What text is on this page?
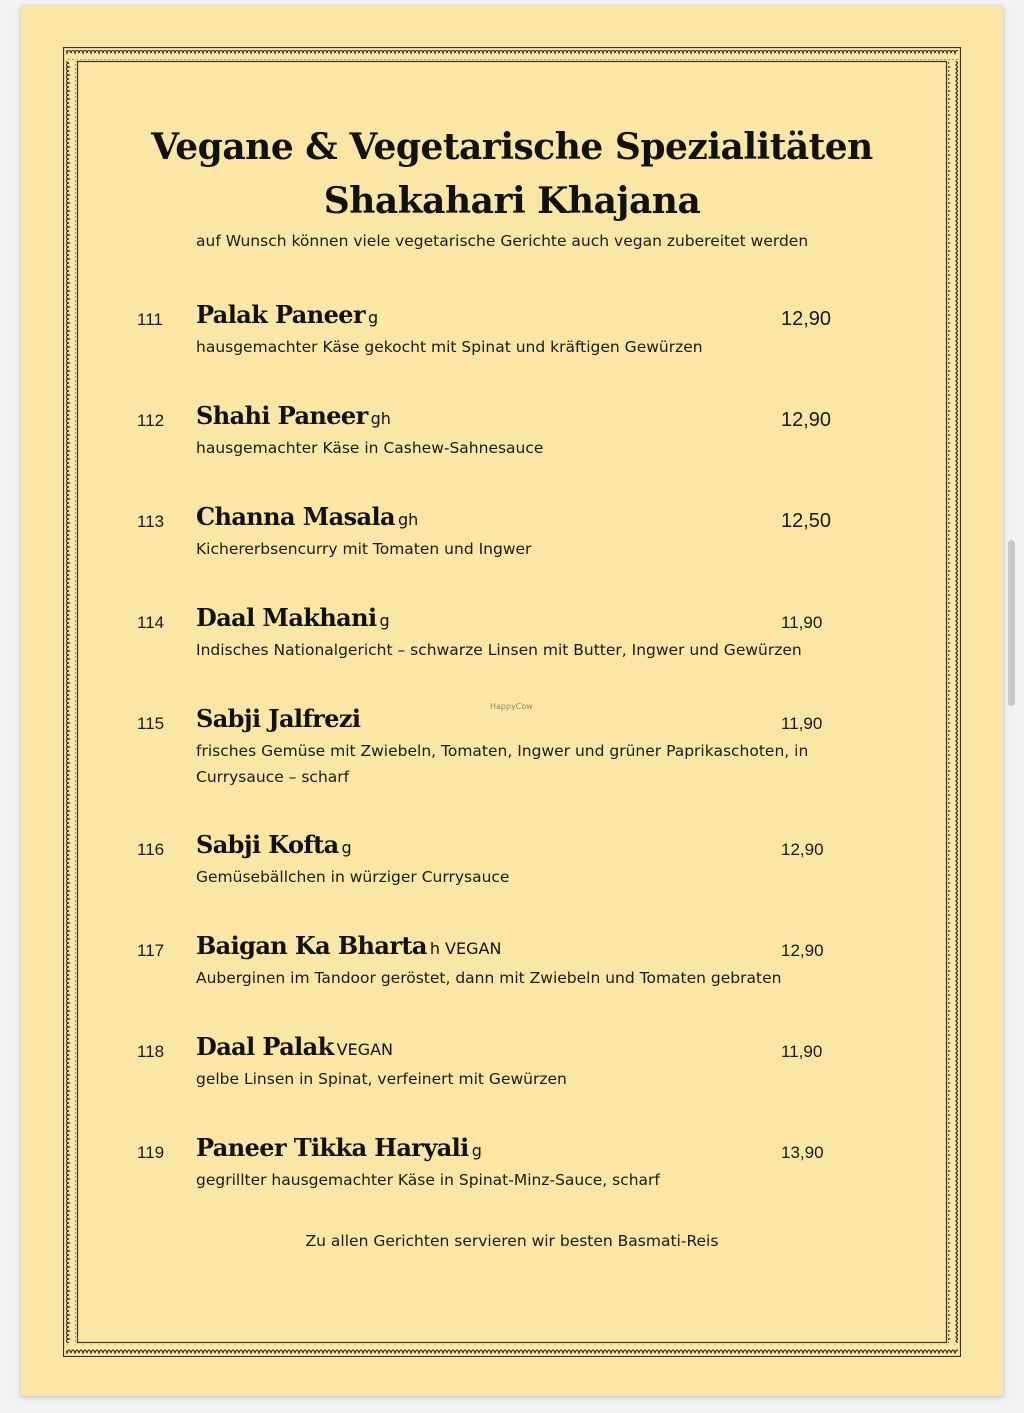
Vegane & Vegetarische Spezialitäten
Shakahari Khajana
auf Wunsch können viele vegetarische Gerichte auch vegan zubereitet werden
111 Palak Paneer g	12,90
hausgemachter Käse gekocht mit Spinat und kräftigen Gewürzen
112 Shahi Paneer gh	12,90
hausgemachter Käse in Cashew-Sahnesauce
113 Channa Masala gh	12,50
Kichererbsencurry mit Tomaten und Ingwer
114 Daal Makhani g	11,90
Indisches Nationalgericht – schwarze Linsen mit Butter, Ingwer und Gewürzen
115 Sabji Jalfrezi	11,90
frisches Gemüse mit Zwiebeln, Tomaten, Ingwer und grüner Paprikaschoten, in Currysauce – scharf
116 Sabji Kofta g	12,90
Gemüsebällchen in würziger Currysauce
117 Baigan Ka Bharta h VEGAN	12,90
Auberginen im Tandoor geröstet, dann mit Zwiebeln und Tomaten gebraten
118 Daal Palak VEGAN	11,90
gelbe Linsen in Spinat, verfeinert mit Gewürzen
119 Paneer Tikka Haryali g	13,90
gegrillter hausgemachter Käse in Spinat-Minz-Sauce, scharf
HappyCow
Zu allen Gerichten servieren wir besten Basmati-Reis
